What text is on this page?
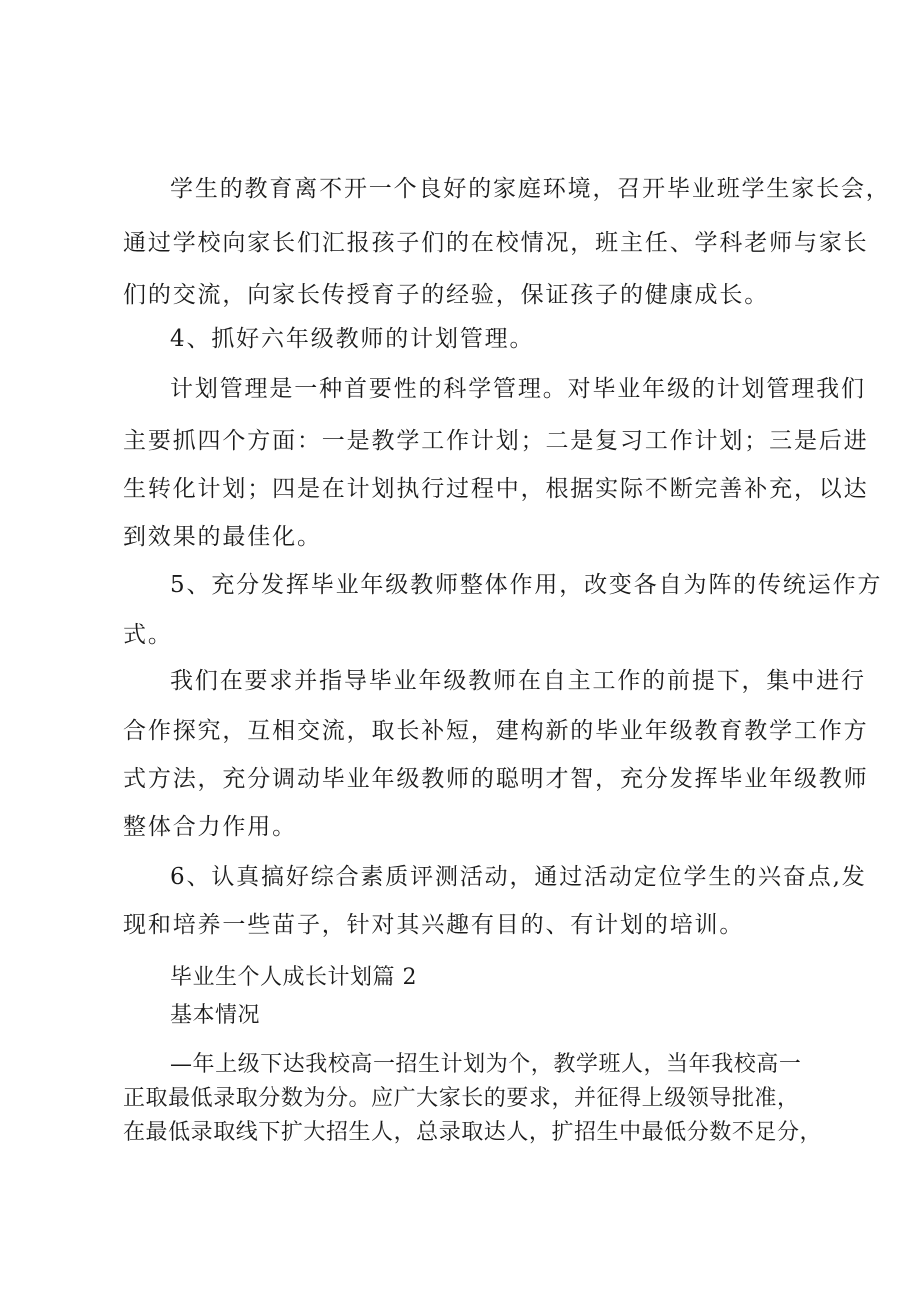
学生的教育离不开一个良好的家庭环境，召开毕业班学生家长会，
通过学校向家长们汇报孩子们的在校情况，班主任、学科老师与家长
们的交流，向家长传授育子的经验，保证孩子的健康成长。
4、抓好六年级教师的计划管理。
计划管理是一种首要性的科学管理。对毕业年级的计划管理我们
主要抓四个方面：一是教学工作计划；二是复习工作计划；三是后进
生转化计划；四是在计划执行过程中，根据实际不断完善补充，以达
到效果的最佳化。
5、充分发挥毕业年级教师整体作用，改变各自为阵的传统运作方
式。
我们在要求并指导毕业年级教师在自主工作的前提下，集中进行
合作探究，互相交流，取长补短，建构新的毕业年级教育教学工作方
式方法，充分调动毕业年级教师的聪明才智，充分发挥毕业年级教师
整体合力作用。
6、认真搞好综合素质评测活动，通过活动定位学生的兴奋点,发
现和培养一些苗子，针对其兴趣有目的、有计划的培训。
毕业生个人成长计划篇 2
基本情况
—年上级下达我校高一招生计划为个，教学班人，当年我校高一
正取最低录取分数为分。应广大家长的要求，并征得上级领导批准，
在最低录取线下扩大招生人，总录取达人，扩招生中最低分数不足分，
